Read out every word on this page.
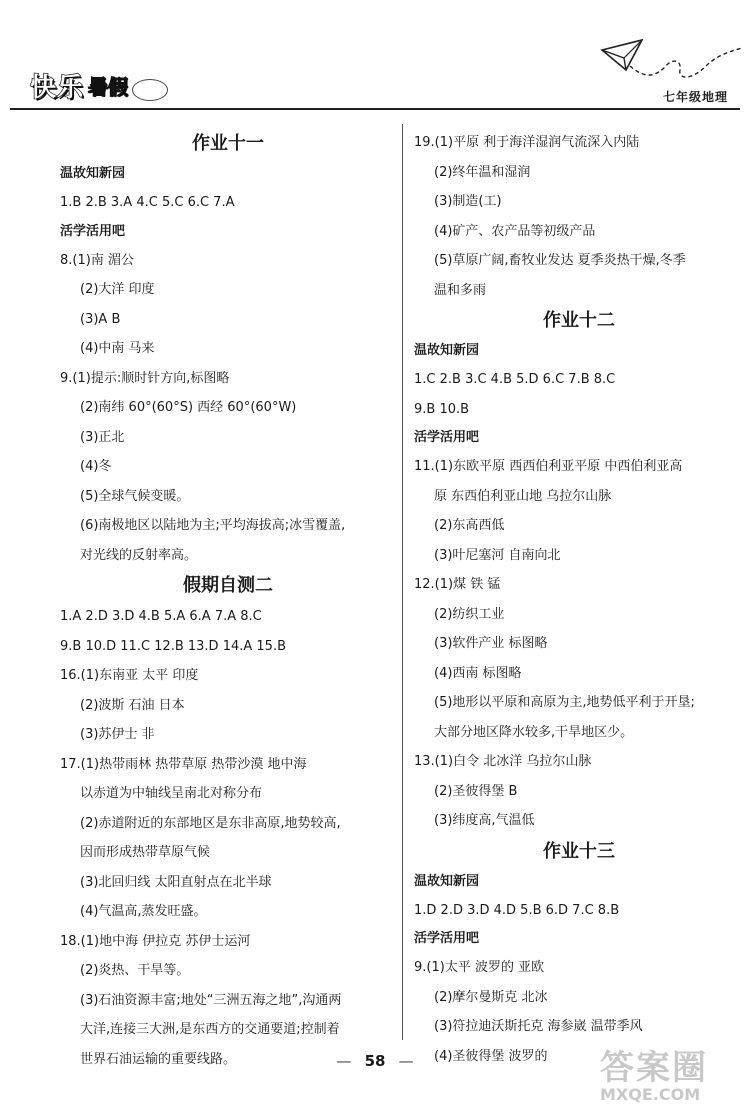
快乐 暑假	七年级地理
作业十一
温故知新园
1.B 2.B 3.A 4.C 5.C 6.C 7.A
活学活用吧
8.(1)南 湄公
(2)大洋 印度
(3)A B
(4)中南 马来
9.(1)提示:顺时针方向,标图略
(2)南纬 60°(60°S) 西经 60°(60°W)
(3)正北
(4)冬
(5)全球气候变暖。
(6)南极地区以陆地为主;平均海拔高;冰雪覆盖,
对光线的反射率高。
假期自测二
1.A 2.D 3.D 4.B 5.A 6.A 7.A 8.C
9.B 10.D 11.C 12.B 13.D 14.A 15.B
16.(1)东南亚 太平 印度
(2)波斯 石油 日本
(3)苏伊士 非
17.(1)热带雨林 热带草原 热带沙漠 地中海
以赤道为中轴线呈南北对称分布
(2)赤道附近的东部地区是东非高原,地势较高,
因而形成热带草原气候
(3)北回归线 太阳直射点在北半球
(4)气温高,蒸发旺盛。
18.(1)地中海 伊拉克 苏伊士运河
(2)炎热、干旱等。
(3)石油资源丰富;地处“三洲五海之地”,沟通两
大洋,连接三大洲,是东西方的交通要道;控制着
世界石油运输的重要线路。
19.(1)平原 利于海洋湿润气流深入内陆
(2)终年温和湿润
(3)制造(工)
(4)矿产、农产品等初级产品
(5)草原广阔,畜牧业发达 夏季炎热干燥,冬季
温和多雨
作业十二
温故知新园
1.C 2.B 3.C 4.B 5.D 6.C 7.B 8.C
9.B 10.B
活学活用吧
11.(1)东欧平原 西西伯利亚平原 中西伯利亚高
原 东西伯利亚山地 乌拉尔山脉
(2)东高西低
(3)叶尼塞河 自南向北
12.(1)煤 铁 锰
(2)纺织工业
(3)软件产业 标图略
(4)西南 标图略
(5)地形以平原和高原为主,地势低平利于开垦;
大部分地区降水较多,干旱地区少。
13.(1)白令 北冰洋 乌拉尔山脉
(2)圣彼得堡 B
(3)纬度高,气温低
作业十三
温故知新园
1.D 2.D 3.D 4.D 5.B 6.D 7.C 8.B
活学活用吧
9.(1)太平 波罗的 亚欧
(2)摩尔曼斯克 北冰
(3)符拉迪沃斯托克 海参崴 温带季风
(4)圣彼得堡 波罗的
— 58 —	答案圈
MXQE.COM
